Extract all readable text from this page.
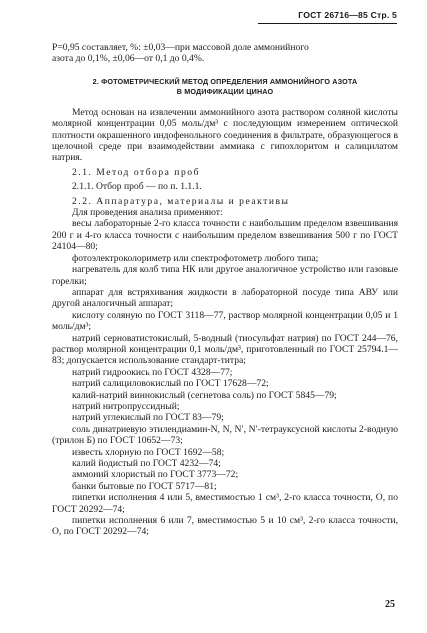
ГОСТ 26716—85 Стр. 5

P=0,95 составляет, %: ±0,03—при массовой доле аммонийного

азота до 0,1%, ±0,06—от 0,1 до 0,4%.

2. ФОТОМЕТРИЧЕСКИЙ МЕТОД ОПРЕДЕЛЕНИЯ АММОНИЙНОГО АЗОТА
В МОДИФИКАЦИИ ЦИНАО

Метод основан на извлечении аммонийного азота раствором соляной кислоты молярной концентрации 0,05 моль/дм³ с последующим измерением оптической плотности окрашенного индофенольного соединения в фильтрате, образующегося в щелочной среде при взаимодействии аммиака с гипохлоритом и салицилатом натрия.

2.1. Метод отбора проб

2.1.1. Отбор проб — по п. 1.1.1.

2.2. Аппаратура, материалы и реактивы

Для проведения анализа применяют:

весы лабораторные 2-го класса точности с наибольшим пределом взвешивания 200 г и 4-го класса точности с наибольшим пределом взвешивания 500 г по ГОСТ 24104—80;

фотоэлектроколориметр или спектрофотометр любого типа;

нагреватель для колб типа НК или другое аналогичное устройство или газовые горелки;

аппарат для встряхивания жидкости в лабораторной посуде типа АВУ или другой аналогичный аппарат;

кислоту соляную по ГОСТ 3118—77, раствор молярной концентрации 0,05 и 1 моль/дм³;

натрий серноватистокислый, 5-водный (тиосульфат натрия) по ГОСТ 244—76, раствор молярной концентрации 0,1 моль/дм³, приготовленный по ГОСТ 25794.1—83; допускается использование стандарт-титра;

натрий гидроокись по ГОСТ 4328—77;

натрий салициловокислый по ГОСТ 17628—72;

калий-натрий виннокислый (сегнетова соль) по ГОСТ 5845—79;

натрий нитропруссидный;

натрий углекислый по ГОСТ 83—79;

соль динатриевую этилендиамин-N, N, N′, N′-тетрауксусной кислоты 2-водную (трилон Б) по ГОСТ 10652—73;

известь хлорную по ГОСТ 1692—58;

калий йодистый по ГОСТ 4232—74;

аммоний хлористый по ГОСТ 3773—72;

банки бытовые по ГОСТ 5717—81;

пипетки исполнения 4 или 5, вместимостью 1 см³, 2-го класса точности, О, по ГОСТ 20292—74;

пипетки исполнения 6 или 7, вместимостью 5 и 10 см³, 2-го класса точности, О, по ГОСТ 20292—74;

25
